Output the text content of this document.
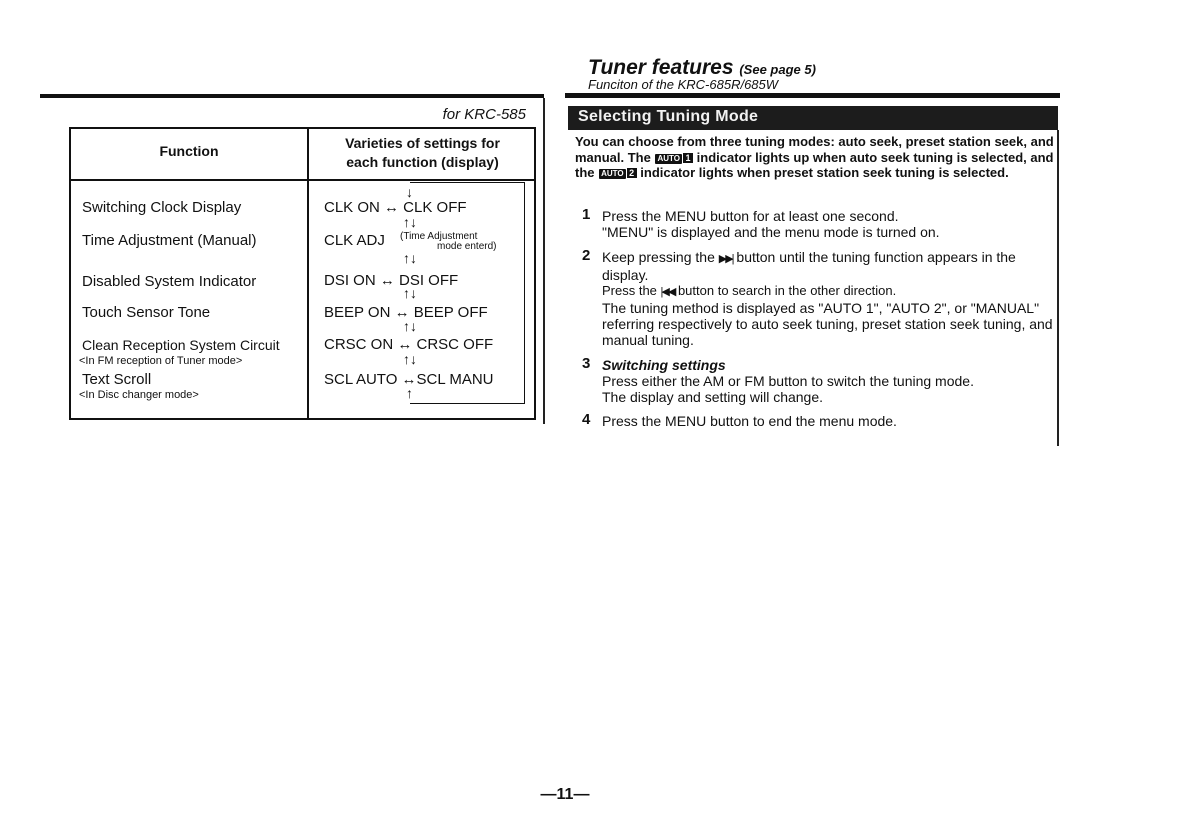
for KRC-585
Function	Varieties of settings for
each function (display)
Switching Clock Display
Time Adjustment (Manual)
Disabled System Indicator
Touch Sensor Tone
Clean Reception System Circuit
<In FM reception of Tuner mode>
Text Scroll
<In Disc changer mode>
↓
CLK ON ↔ CLK OFF
↑↓
CLK ADJ (Time Adjustment
mode enterd)
↑↓
DSI ON ↔ DSI OFF
↑↓
BEEP ON ↔ BEEP OFF
↑↓
CRSC ON ↔ CRSC OFF
↑↓
SCL AUTO ↔SCL MANU
↑
Tuner features (See page 5)
Funciton of the KRC-685R/685W
Selecting Tuning Mode
You can choose from three tuning modes: auto seek, preset station seek, and manual. The AUTO 1 indicator lights up when auto seek tuning is selected, and the AUTO 2 indicator lights when preset station seek tuning is selected.
1 Press the MENU button for at least one second.
"MENU" is displayed and the menu mode is turned on.
2 Keep pressing the ▶▶| button until the tuning function appears in the display.
Press the |◀◀ button to search in the other direction.
The tuning method is displayed as "AUTO 1", "AUTO 2", or "MANUAL" referring respectively to auto seek tuning, preset station seek tuning, and manual tuning.
3 Switching settings
Press either the AM or FM button to switch the tuning mode.
The display and setting will change.
4 Press the MENU button to end the menu mode.
—11—
